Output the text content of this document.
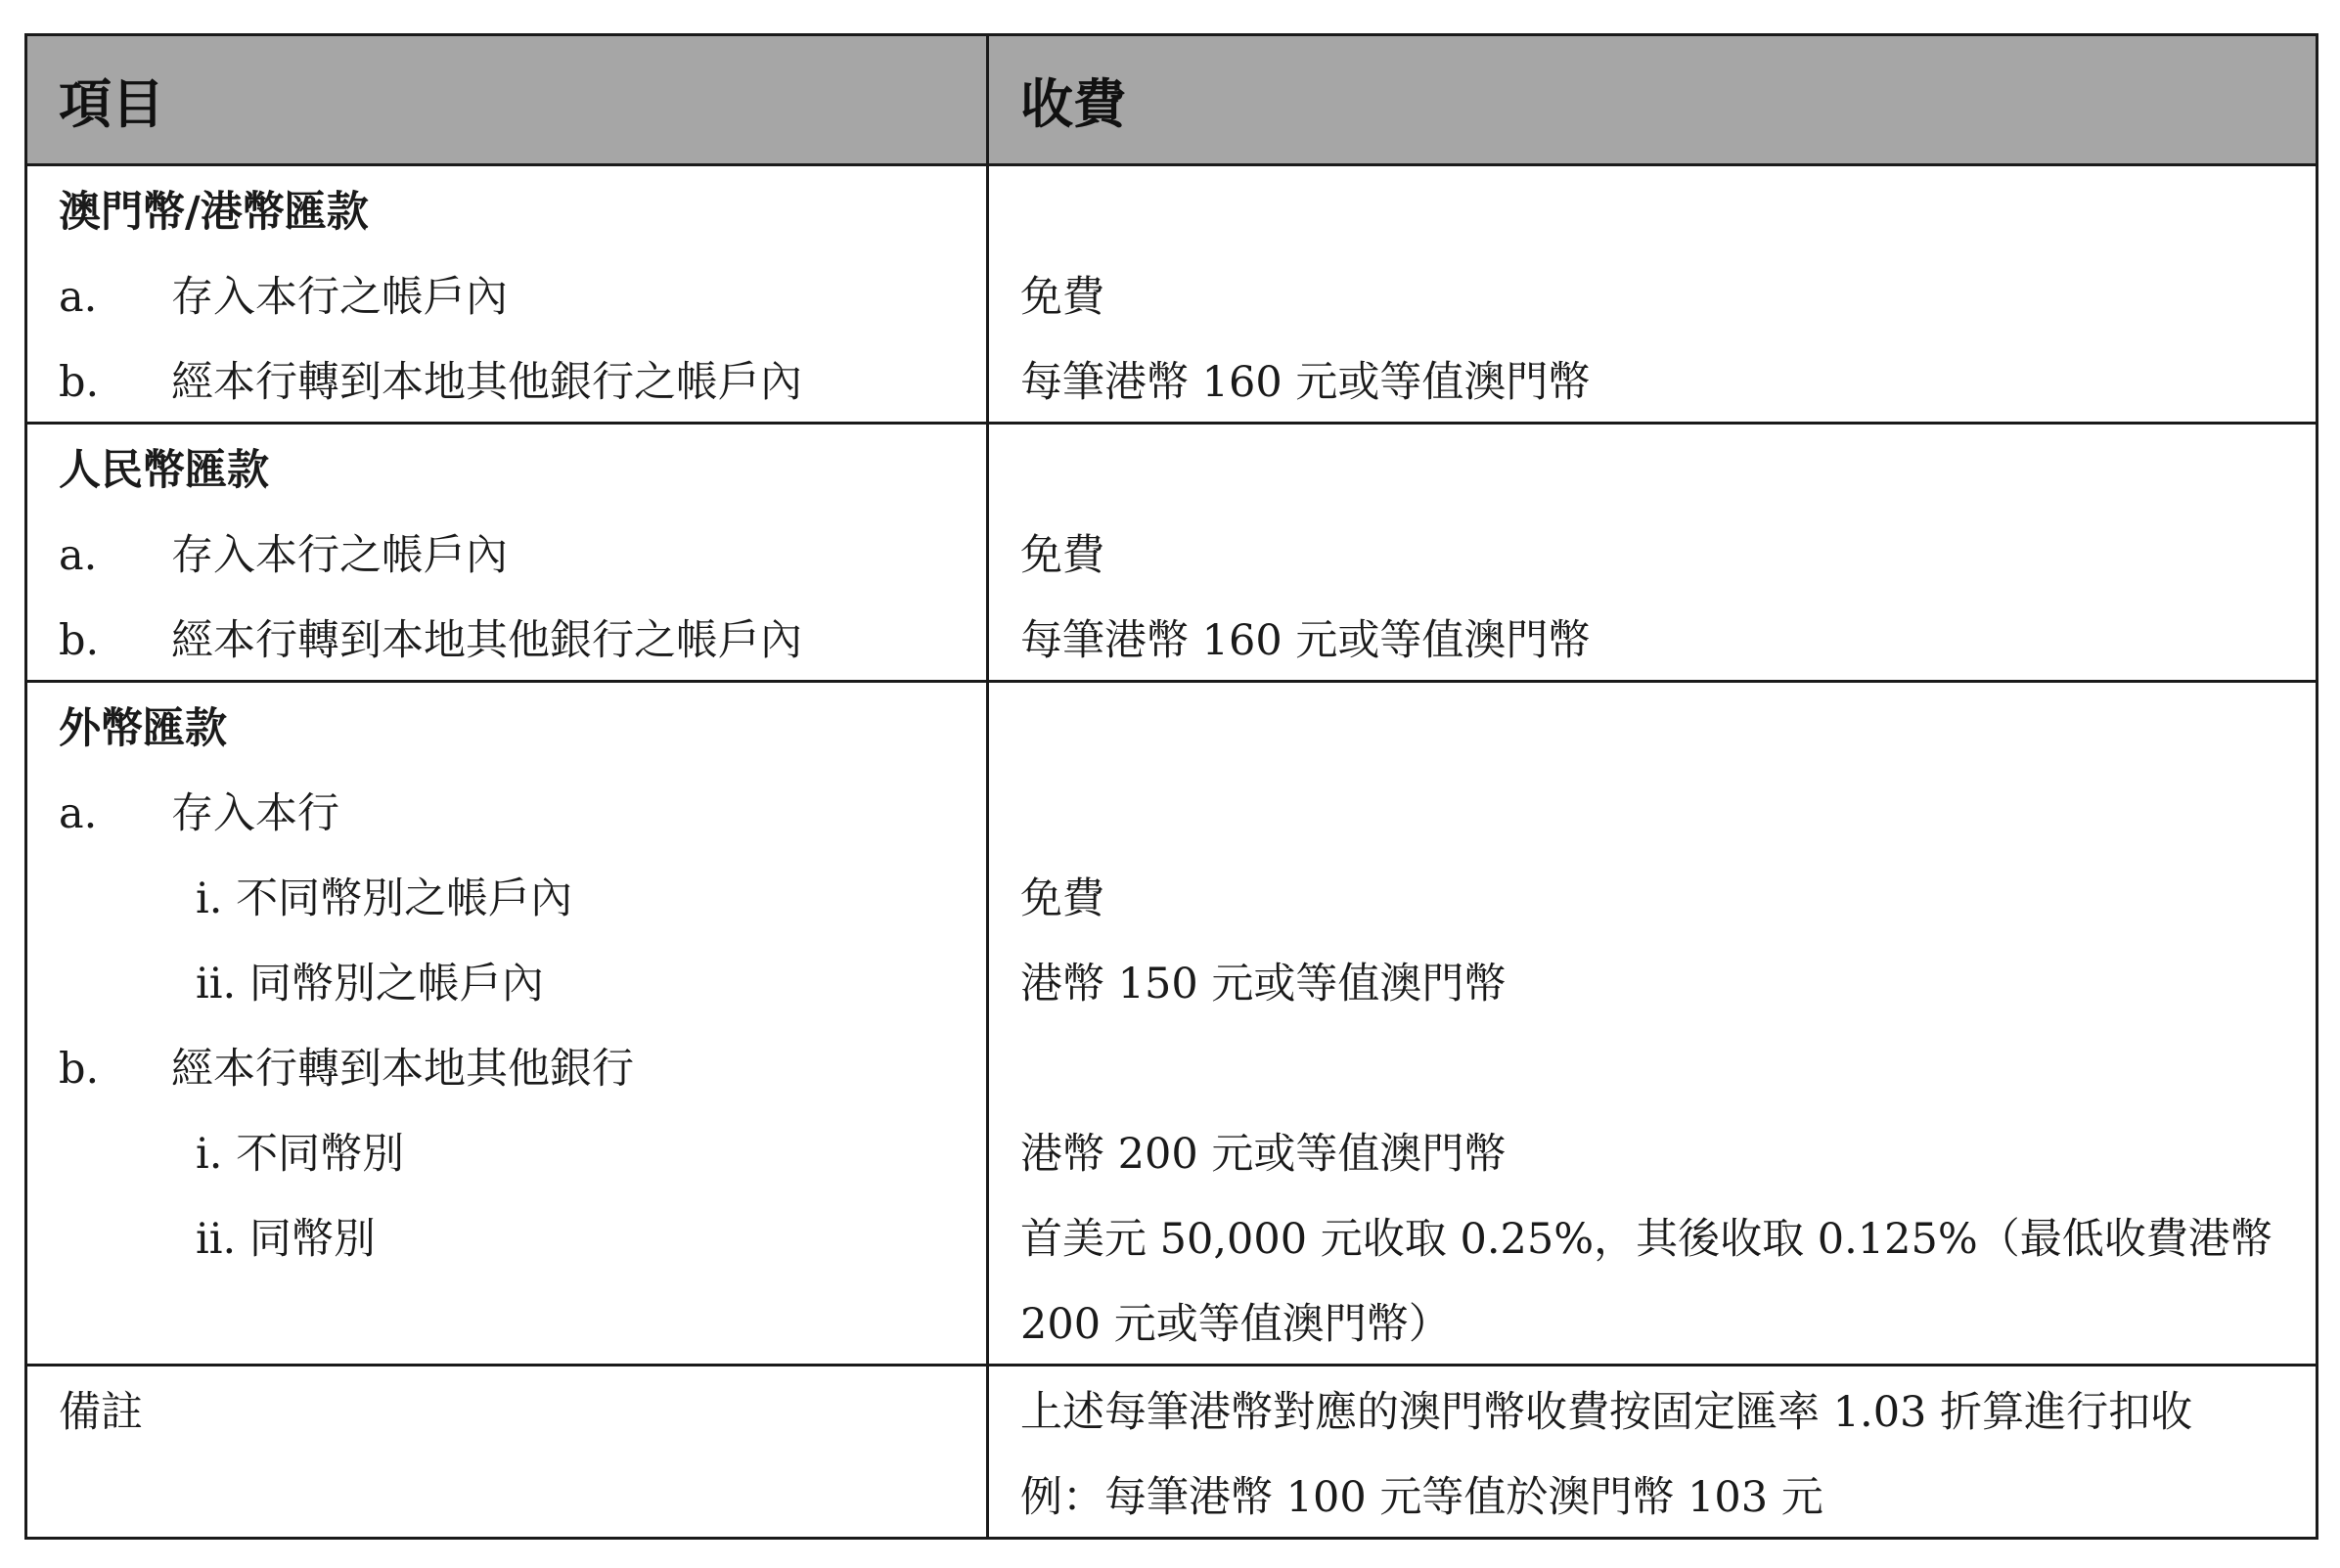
項目	收費
澳門幣/港幣匯款	
a. 存入本行之帳戶內	免費
b. 經本行轉到本地其他銀行之帳戶內	每筆港幣 160 元或等值澳門幣
人民幣匯款	
a. 存入本行之帳戶內	免費
b. 經本行轉到本地其他銀行之帳戶內	每筆港幣 160 元或等值澳門幣
外幣匯款	
a. 存入本行	
i. 不同幣別之帳戶內	免費
ii. 同幣別之帳戶內	港幣 150 元或等值澳門幣
b. 經本行轉到本地其他銀行	
i. 不同幣別	港幣 200 元或等值澳門幣
ii. 同幣別	首美元 50,000 元收取 0.25%，其後收取 0.125%（最低收費港幣
	200 元或等值澳門幣）
備註	上述每筆港幣對應的澳門幣收費按固定匯率 1.03 折算進行扣收
	例：每筆港幣 100 元等值於澳門幣 103 元
